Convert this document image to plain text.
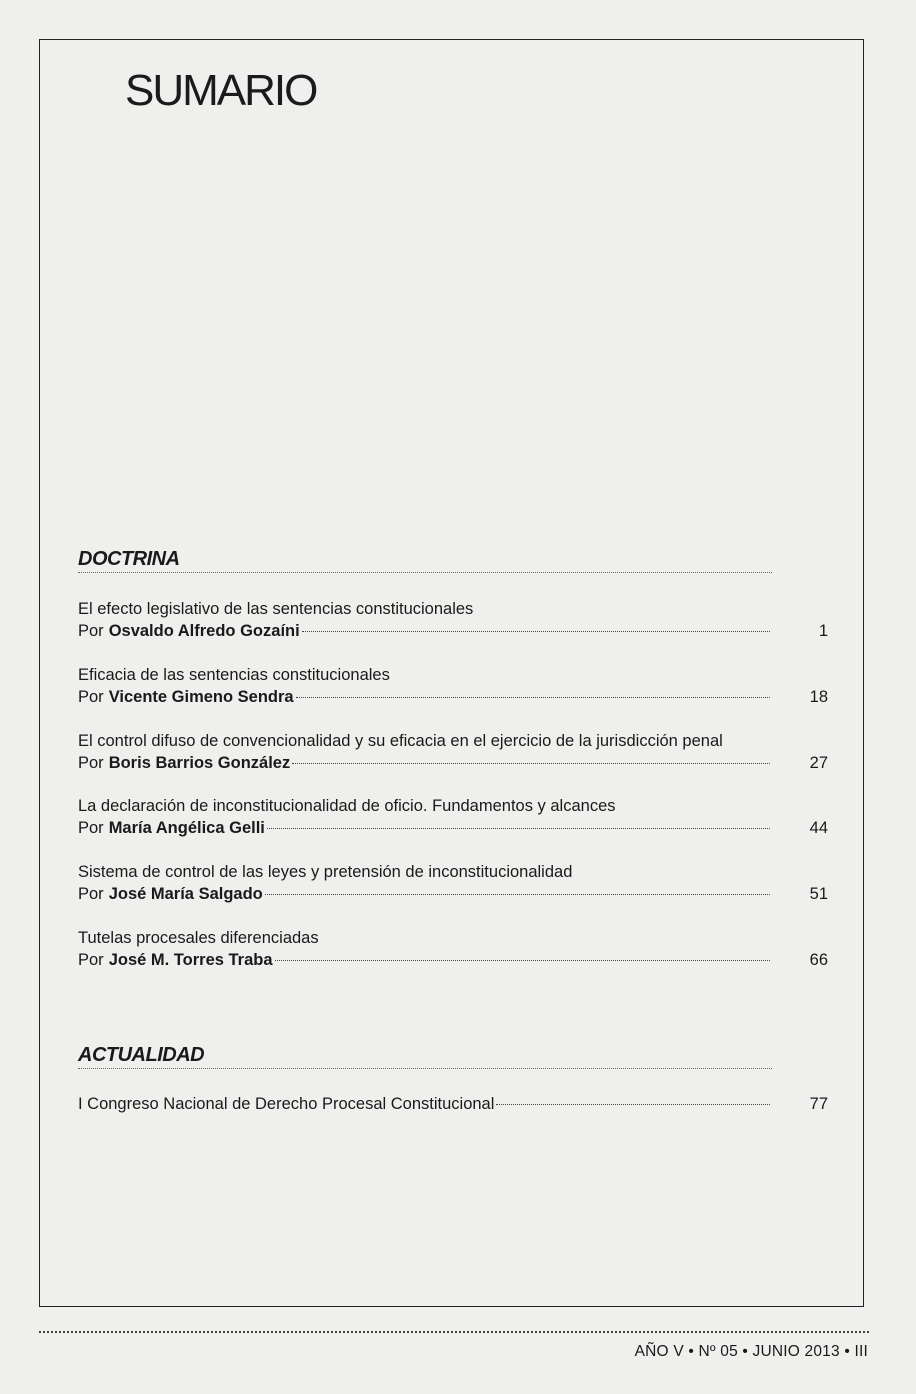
SUMARIO
DOCTRINA
El efecto legislativo de las sentencias constitucionales
Por Osvaldo Alfredo Gozaíni	1
Eficacia de las sentencias constitucionales
Por Vicente Gimeno Sendra	18
El control difuso de convencionalidad y su eficacia en el ejercicio de la jurisdicción penal
Por Boris Barrios González	27
La declaración de inconstitucionalidad de oficio. Fundamentos y alcances
Por María Angélica Gelli	44
Sistema de control de las leyes y pretensión de inconstitucionalidad
Por José María Salgado	51
Tutelas procesales diferenciadas
Por José M. Torres Traba	66
ACTUALIDAD
I Congreso Nacional de Derecho Procesal Constitucional	77
AÑO V • Nº 05 • JUNIO 2013 • III
